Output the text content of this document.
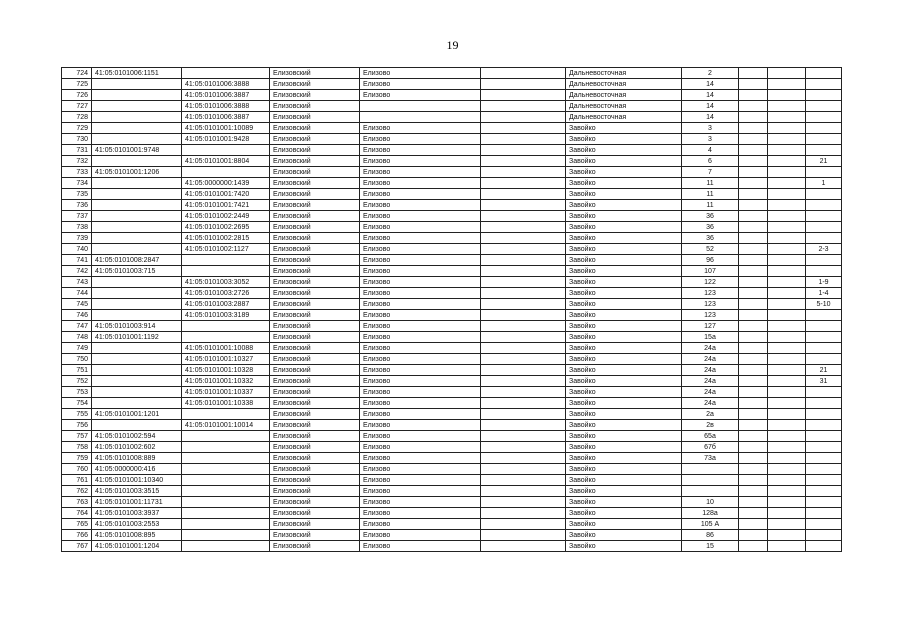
19
724	41:05:0101006:1151		Елизовский	Елизово		Дальневосточная	2			
725		41:05:0101006:3888	Елизовский	Елизово		Дальневосточная	14			
726		41:05:0101006:3887	Елизовский	Елизово		Дальневосточная	14			
727		41:05:0101006:3888	Елизовский			Дальневосточная	14			
728		41:05:0101006:3887	Елизовский			Дальневосточная	14			
729		41:05:0101001:10089	Елизовский	Елизово		Завойко	3			
730		41:05:0101001:9428	Елизовский	Елизово		Завойко	3			
731	41:05:0101001:9748		Елизовский	Елизово		Завойко	4			
732		41:05:0101001:8804	Елизовский	Елизово		Завойко	6			21
733	41:05:0101001:1206		Елизовский	Елизово		Завойко	7			
734		41:05:0000000:1439	Елизовский	Елизово		Завойко	11			1
735		41:05:0101001:7420	Елизовский	Елизово		Завойко	11			
736		41:05:0101001:7421	Елизовский	Елизово		Завойко	11			
737		41:05:0101002:2449	Елизовский	Елизово		Завойко	36			
738		41:05:0101002:2695	Елизовский	Елизово		Завойко	36			
739		41:05:0101002:2815	Елизовский	Елизово		Завойко	36			
740		41:05:0101002:1127	Елизовский	Елизово		Завойко	52			2-3
741	41:05:0101008:2847		Елизовский	Елизово		Завойко	96			
742	41:05:0101003:715		Елизовский	Елизово		Завойко	107			
743		41:05:0101003:3052	Елизовский	Елизово		Завойко	122			1-9
744		41:05:0101003:2726	Елизовский	Елизово		Завойко	123			1-4
745		41:05:0101003:2887	Елизовский	Елизово		Завойко	123			5-10
746		41:05:0101003:3189	Елизовский	Елизово		Завойко	123			
747	41:05:0101003:914		Елизовский	Елизово		Завойко	127			
748	41:05:0101001:1192		Елизовский	Елизово		Завойко	15а			
749		41:05:0101001:10088	Елизовский	Елизово		Завойко	24а			
750		41:05:0101001:10327	Елизовский	Елизово		Завойко	24а			
751		41:05:0101001:10328	Елизовский	Елизово		Завойко	24а			21
752		41:05:0101001:10332	Елизовский	Елизово		Завойко	24а			31
753		41:05:0101001:10337	Елизовский	Елизово		Завойко	24а			
754		41:05:0101001:10338	Елизовский	Елизово		Завойко	24а			
755	41:05:0101001:1201		Елизовский	Елизово		Завойко	2а			
756		41:05:0101001:10014	Елизовский	Елизово		Завойко	2в			
757	41:05:0101002:594		Елизовский	Елизово		Завойко	65а			
758	41:05:0101002:602		Елизовский	Елизово		Завойко	67б			
759	41:05:0101008:889		Елизовский	Елизово		Завойко	73а			
760	41:05:0000000:416		Елизовский	Елизово		Завойко				
761	41:05:0101001:10340		Елизовский	Елизово		Завойко				
762	41:05:0101003:3515		Елизовский	Елизово		Завойко				
763	41:05:0101001:11731		Елизовский	Елизово		Завойко	10			
764	41:05:0101003:3937		Елизовский	Елизово		Завойко	128а			
765	41:05:0101003:2553		Елизовский	Елизово		Завойко	105 А			
766	41:05:0101008:895		Елизовский	Елизово		Завойко	86			
767	41:05:0101001:1204		Елизовский	Елизово		Завойко	15			
